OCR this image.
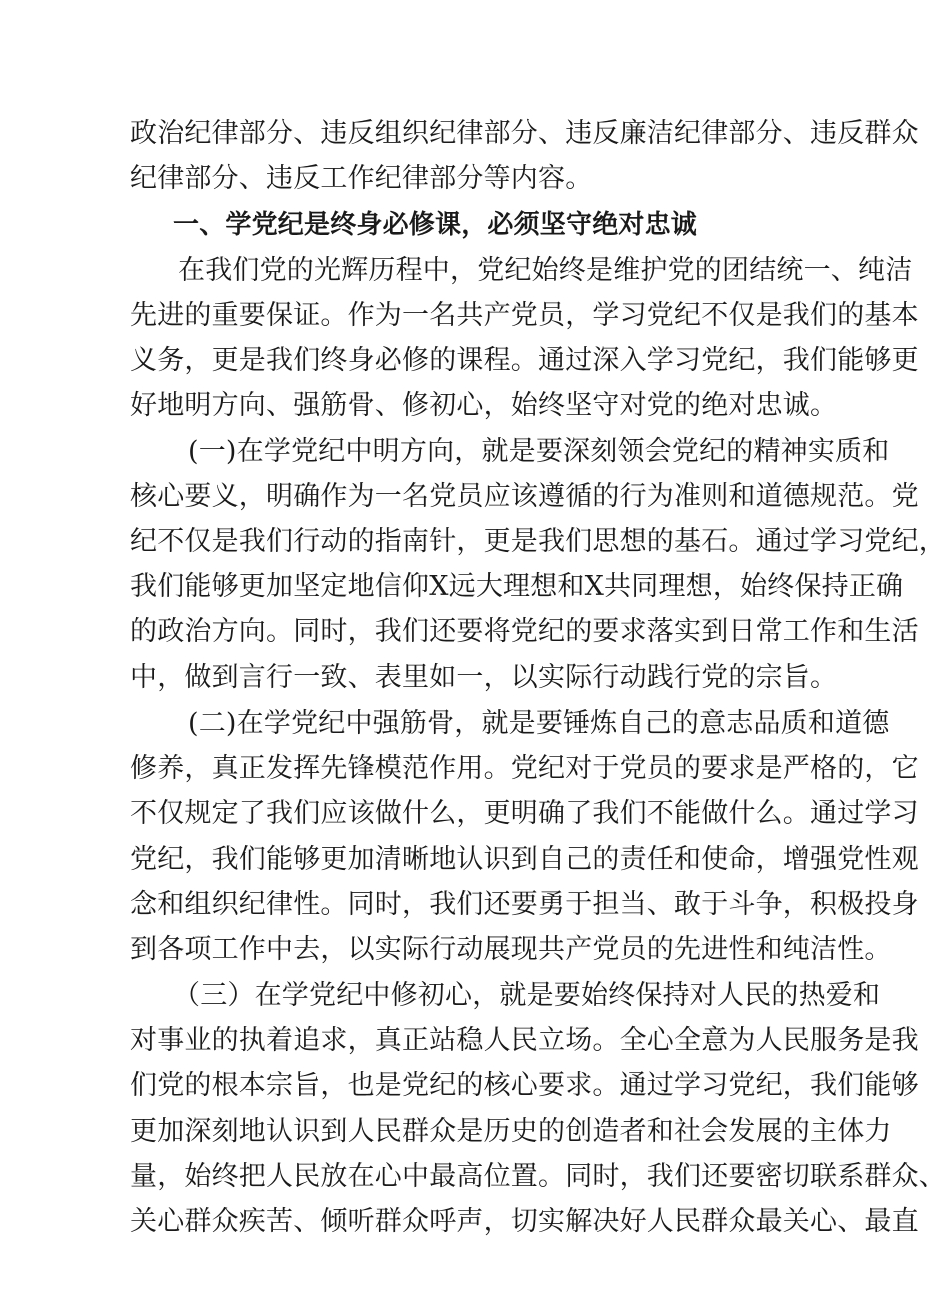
政治纪律部分、违反组织纪律部分、违反廉洁纪律部分、违反群众
纪律部分、违反工作纪律部分等内容。
一、学党纪是终身必修课，必须坚守绝对忠诚
在我们党的光辉历程中，党纪始终是维护党的团结统一、纯洁
先进的重要保证。作为一名共产党员，学习党纪不仅是我们的基本
义务，更是我们终身必修的课程。通过深入学习党纪，我们能够更
好地明方向、强筋骨、修初心，始终坚守对党的绝对忠诚。
(一)在学党纪中明方向，就是要深刻领会党纪的精神实质和
核心要义，明确作为一名党员应该遵循的行为准则和道德规范。党
纪不仅是我们行动的指南针，更是我们思想的基石。通过学习党纪，
我们能够更加坚定地信仰X远大理想和X共同理想，始终保持正确
的政治方向。同时，我们还要将党纪的要求落实到日常工作和生活
中，做到言行一致、表里如一，以实际行动践行党的宗旨。
(二)在学党纪中强筋骨，就是要锤炼自己的意志品质和道德
修养，真正发挥先锋模范作用。党纪对于党员的要求是严格的，它
不仅规定了我们应该做什么，更明确了我们不能做什么。通过学习
党纪，我们能够更加清晰地认识到自己的责任和使命，增强党性观
念和组织纪律性。同时，我们还要勇于担当、敢于斗争，积极投身
到各项工作中去，以实际行动展现共产党员的先进性和纯洁性。
（三）在学党纪中修初心，就是要始终保持对人民的热爱和
对事业的执着追求，真正站稳人民立场。全心全意为人民服务是我
们党的根本宗旨，也是党纪的核心要求。通过学习党纪，我们能够
更加深刻地认识到人民群众是历史的创造者和社会发展的主体力
量，始终把人民放在心中最高位置。同时，我们还要密切联系群众、
关心群众疾苦、倾听群众呼声，切实解决好人民群众最关心、最直
